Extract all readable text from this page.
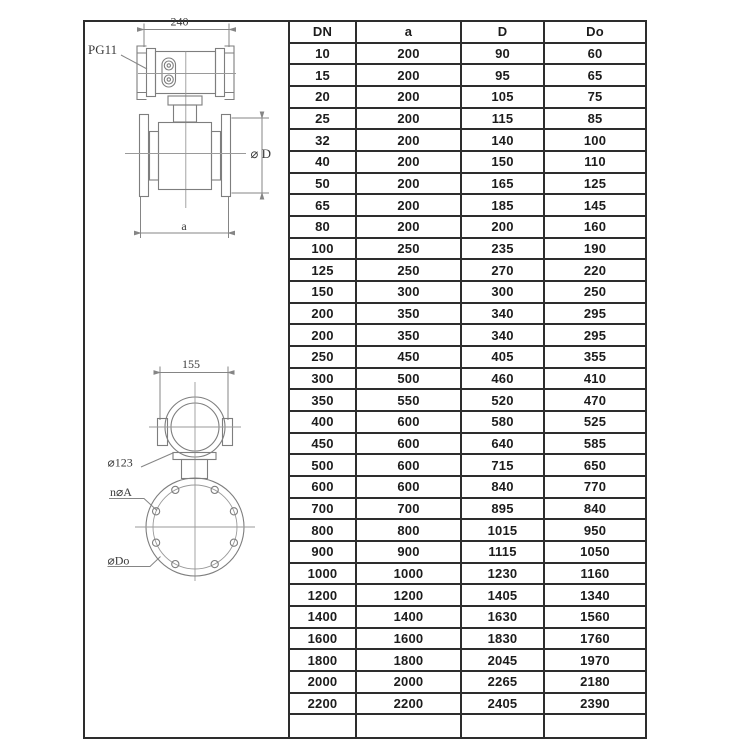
DN	a	D	Do
10	200	90	60
15	200	95	65
20	200	105	75
25	200	115	85
32	200	140	100
40	200	150	110
50	200	165	125
65	200	185	145
80	200	200	160
100	250	235	190
125	250	270	220
150	300	300	250
200	350	340	295
200	350	340	295
250	450	405	355
300	500	460	410
350	550	520	470
400	600	580	525
450	600	640	585
500	600	715	650
600	600	840	770
700	700	895	840
800	800	1015	950
900	900	1115	1050
1000	1000	1230	1160
1200	1200	1405	1340
1400	1400	1630	1560
1600	1600	1830	1760
1800	1800	2045	1970
2000	2000	2265	2180
2200	2200	2405	2390
240
PG11
⌀ D
a
155
⌀123
n⌀A
⌀Do
